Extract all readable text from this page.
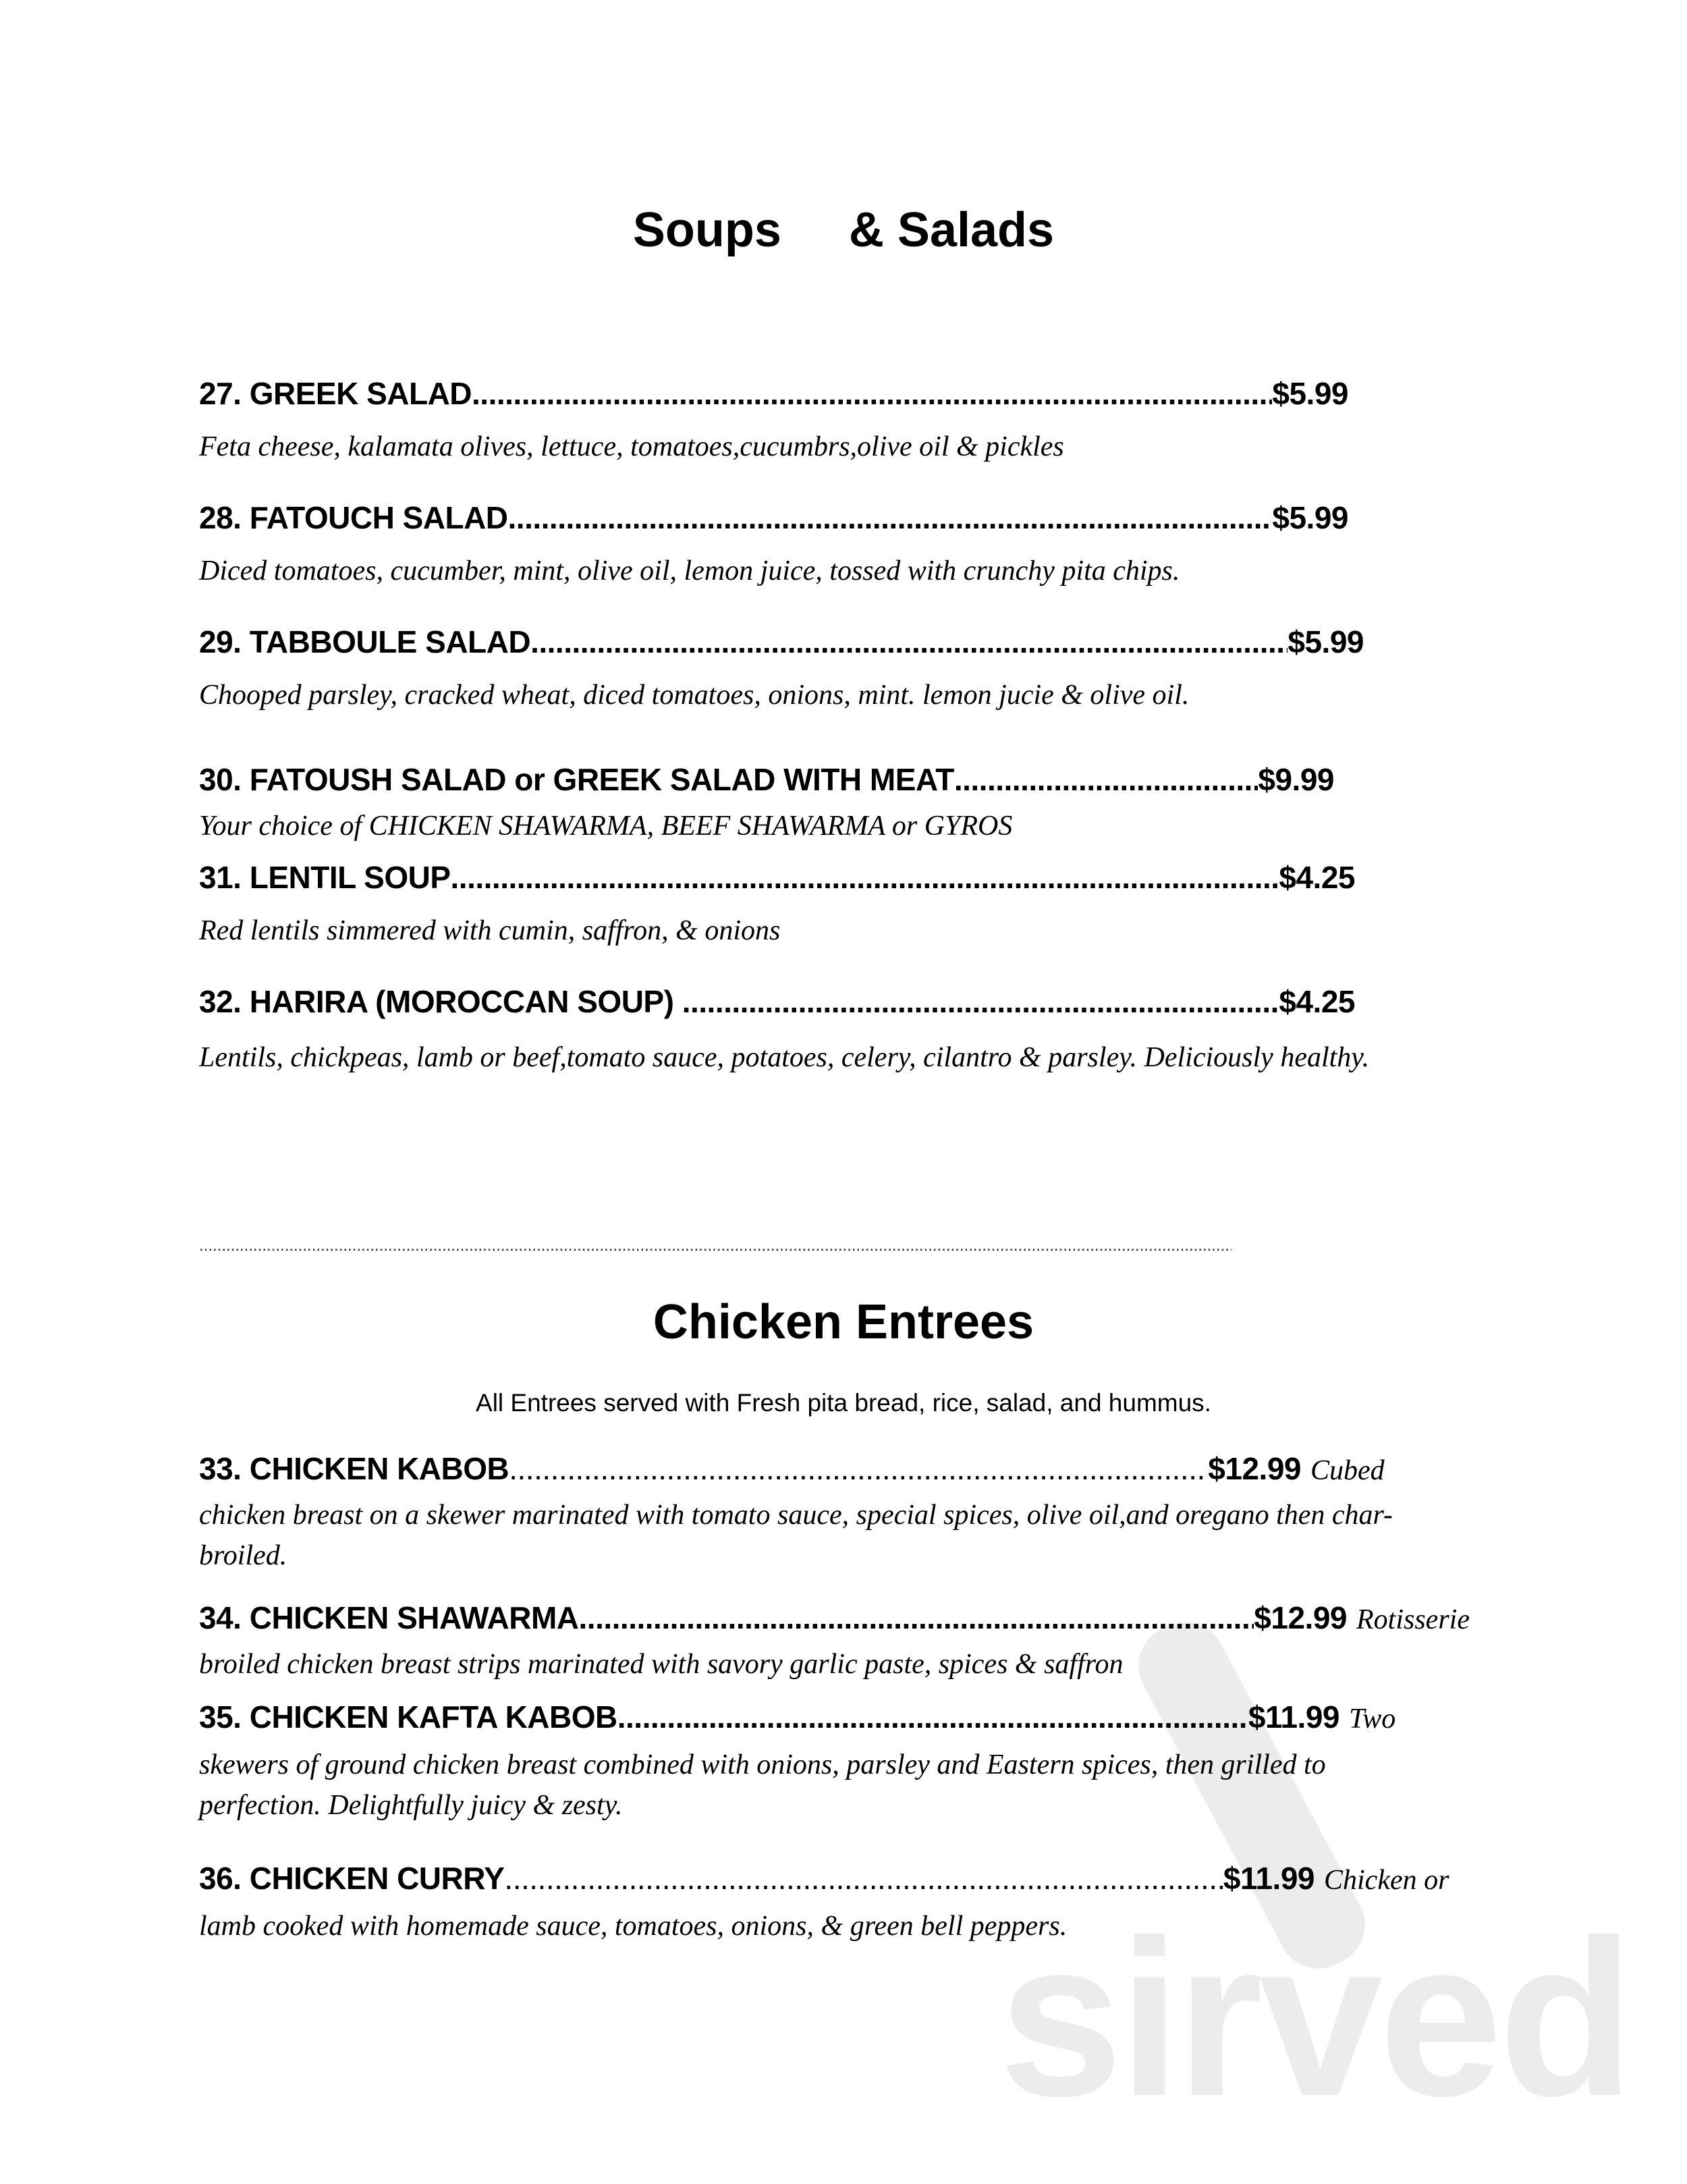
sirved
Soups     & Salads
27. GREEK SALAD .....	$5.99
Feta cheese, kalamata olives, lettuce, tomatoes,cucumbrs,olive oil & pickles
28. FATOUCH SALAD .....	$5.99
Diced tomatoes, cucumber, mint, olive oil, lemon juice, tossed with crunchy pita chips.
29. TABBOULE SALAD .....	$5.99
Chooped parsley, cracked wheat, diced tomatoes, onions, mint. lemon jucie & olive oil.
30. FATOUSH SALAD or GREEK SALAD WITH MEAT .....	$9.99
Your choice of CHICKEN SHAWARMA, BEEF SHAWARMA or GYROS
31. LENTIL SOUP .....	$4.25
Red lentils simmered with cumin, saffron, & onions
32. HARIRA (MOROCCAN SOUP) .....	$4.25
Lentils, chickpeas, lamb or beef,tomato sauce, potatoes, celery, cilantro & parsley. Deliciously healthy.
.....
Chicken Entrees
All Entrees served with Fresh pita bread, rice, salad, and hummus.
33. CHICKEN KABOB .....	$12.99 Cubed
chicken breast on a skewer marinated with tomato sauce, special spices, olive oil,and oregano then char-broiled.
34. CHICKEN SHAWARMA .....	$12.99 Rotisserie
broiled chicken breast strips marinated with savory garlic paste, spices & saffron
35. CHICKEN KAFTA KABOB .....	$11.99 Two
skewers of ground chicken breast combined with onions, parsley and Eastern spices, then grilled to perfection. Delightfully juicy & zesty.
36. CHICKEN CURRY .....	$11.99 Chicken or
lamb cooked with homemade sauce, tomatoes, onions, & green bell peppers.
